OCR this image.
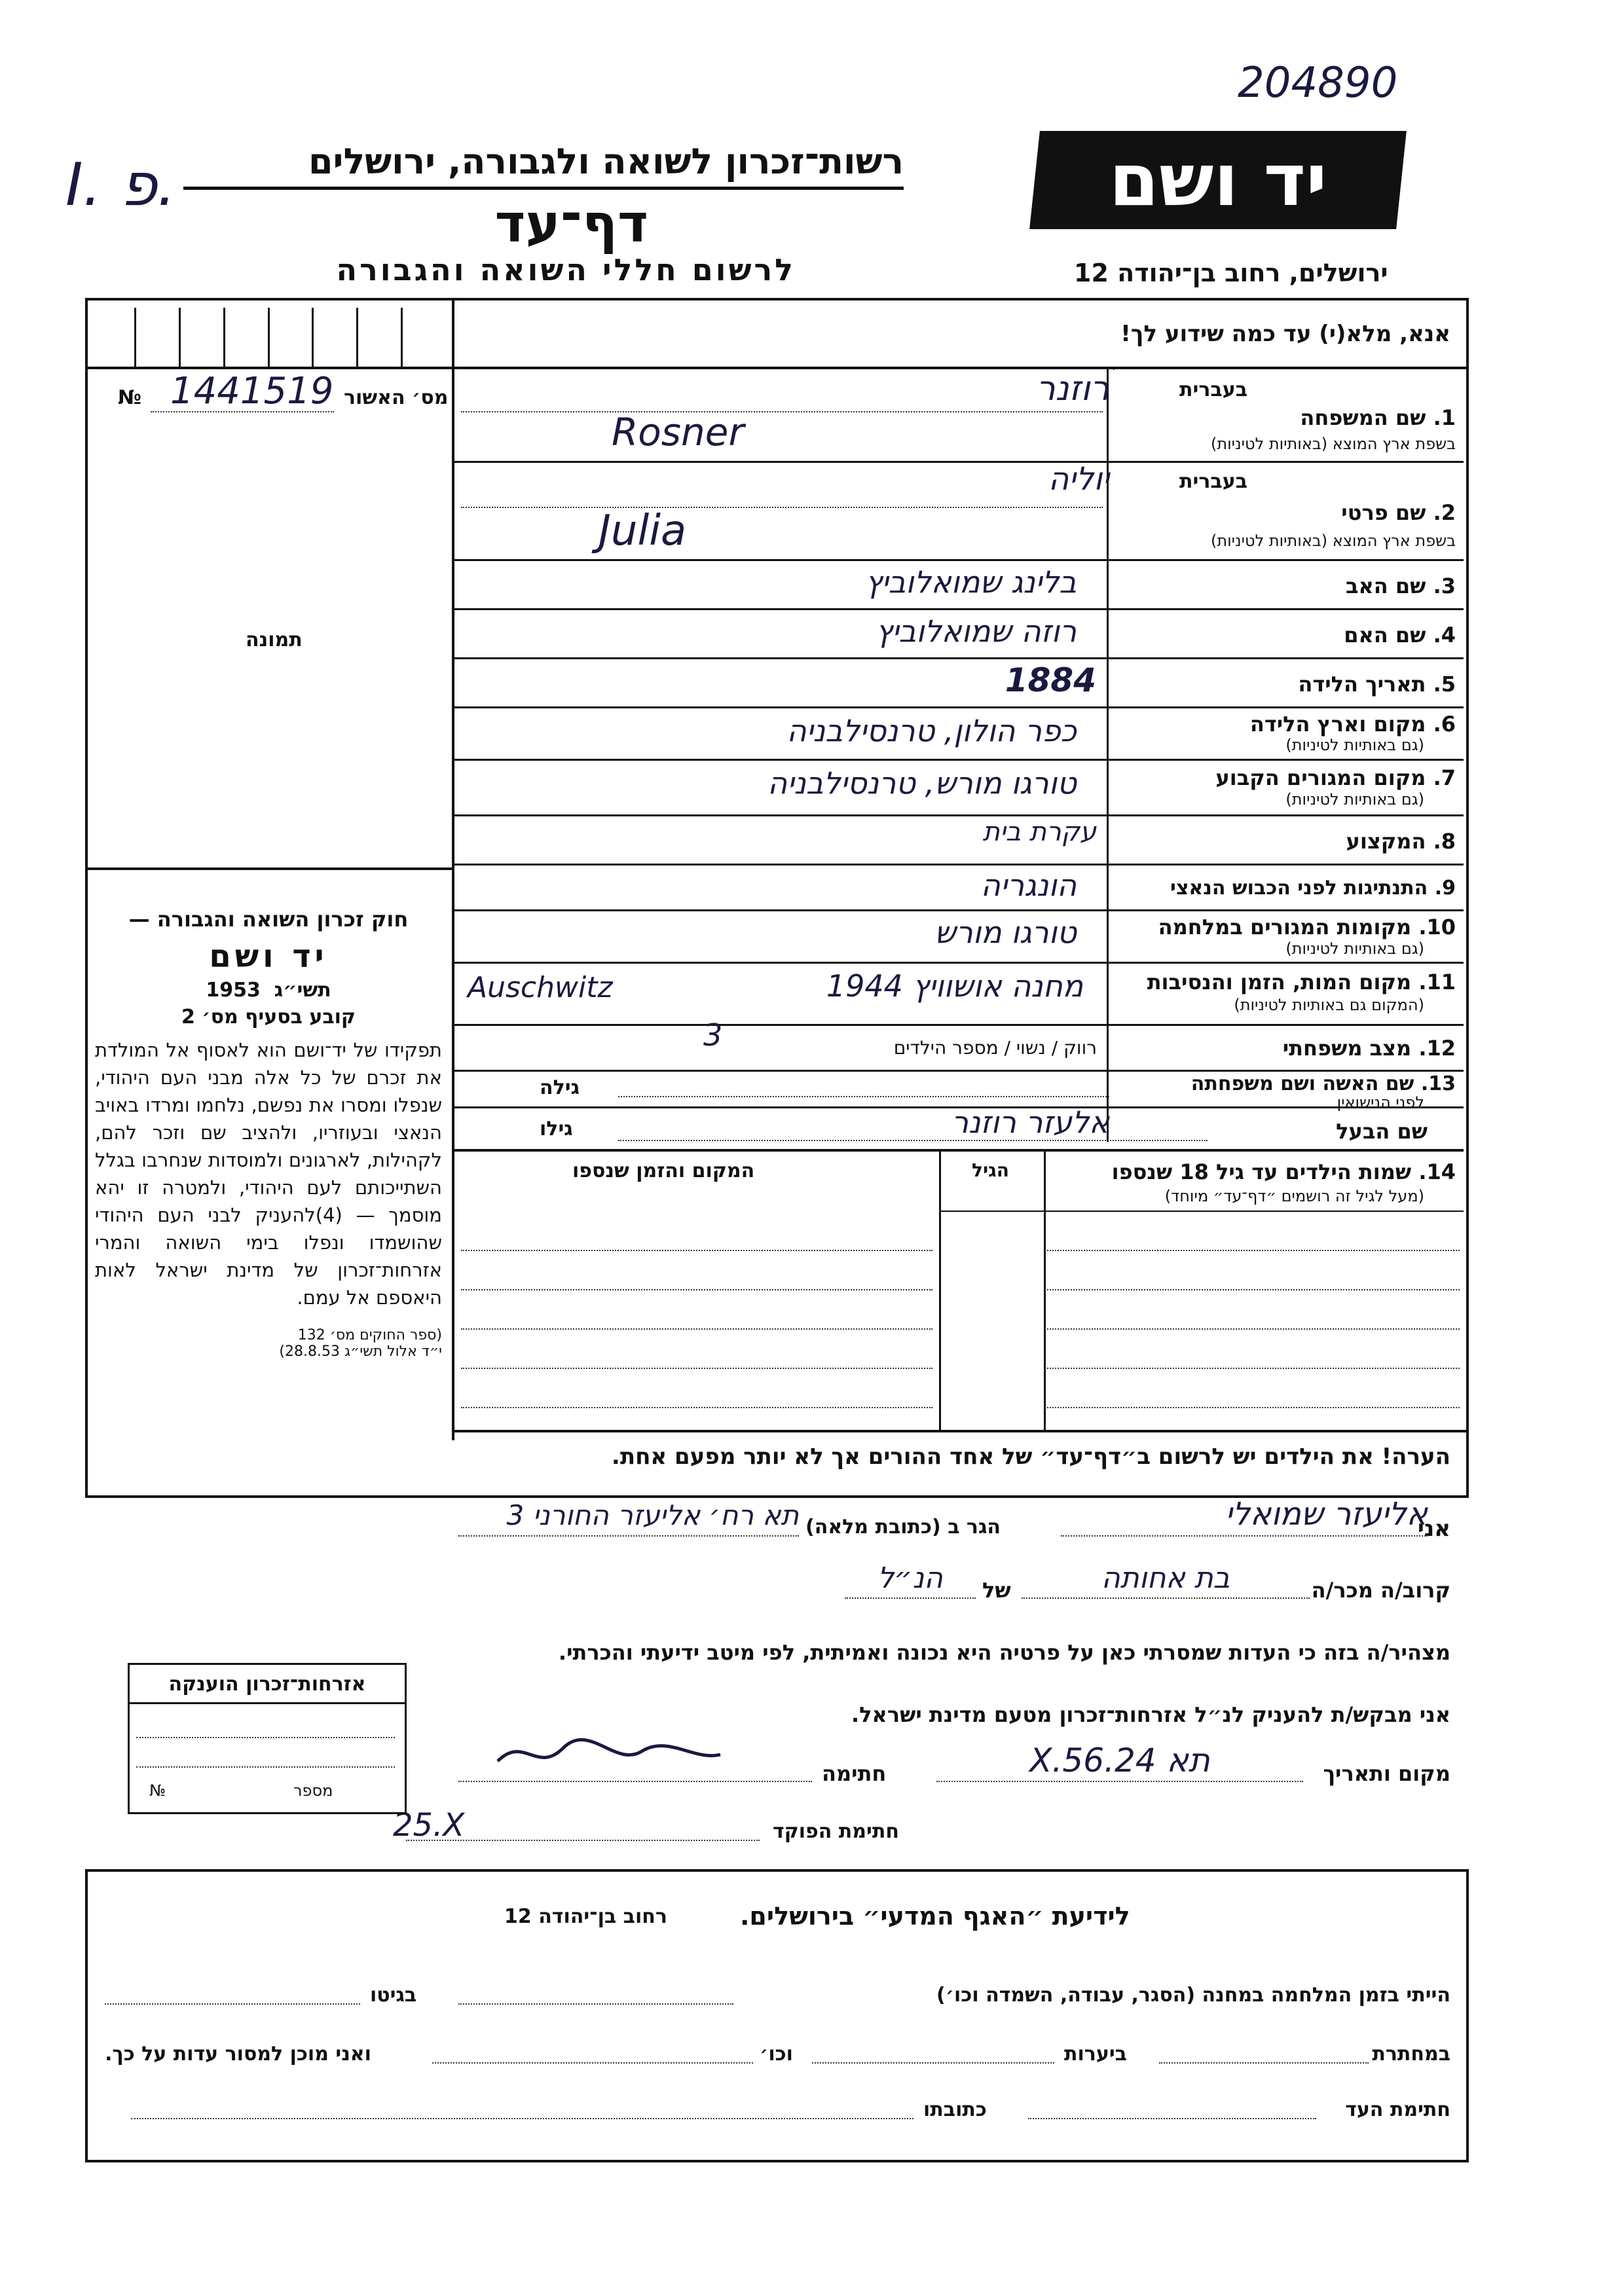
204890
I. פ.	רשות־זכרון לשואה ולגבורה, ירושלים
דף־עד
לרשום חללי השואה והגבורה
יד ושם
ירושלים, רחוב בן־יהודה 12
אנא, מלא(י) עד כמה שידוע לך!
מס׳ האשור
№ 1441519
תמונה
חוק זכרון השואה והגבורה —
יד ושם
תשי״ג  1953
קובע בסעיף מס׳ 2
תפקידו של יד־ושם הוא לאסוף אל המולדת את זכרם של כל אלה מבני העם היהודי, שנפלו ומסרו את נפשם, נלחמו ומרדו באויב הנאצי ובעוזריו, ולהציב שם וזכר להם, לקהילות, לארגונים ולמוסדות שנחרבו בגלל השתייכותם לעם היהודי, ולמטרה זו יהא מוסמך — (4)להעניק לבני העם היהודי שהושמדו ונפלו בימי השואה והמרי אזרחות־זכרון של מדינת ישראל לאות היאספם אל עמם.
(ספר החוקים מס׳ 132
י״ד אלול תשי״ג 28.8.53)
בעברית
1. שם המשפחה
בשפת ארץ המוצא (באותיות לטיניות)
רוזנר
Rosner
בעברית
2. שם פרטי
בשפת ארץ המוצא (באותיות לטיניות)
יוליה
Julia
3. שם האב
בלינג שמואלוביץ
4. שם האם
רוזה שמואלוביץ
5. תאריך הלידה
1884
6. מקום וארץ הלידה
(גם באותיות לטיניות)
כפר הולון, טרנסילבניה
7. מקום המגורים הקבוע
(גם באותיות לטיניות)
טורגו מורש, טרנסילבניה
8. המקצוע
עקרת בית
9. התנתיגות לפני הכבוש הנאצי
הונגריה
10. מקומות המגורים במלחמה
(גם באותיות לטיניות)
טורגו מורש
11. מקום המות, הזמן והנסיבות
(המקום גם באותיות לטיניות)
מחנה אושוויץ 1944
Auschwitz
12. מצב משפחתי
רווק / נשוי / מספר הילדים
3
13. שם האשה ושם משפחתה
לפני הנישואין
גילה
שם הבעל
גילו	אלעזר רוזנר
14. שמות הילדים עד גיל 18 שנספו
(מעל לגיל זה רושמים ״דף־עד״ מיוחד)
הגיל
המקום והזמן שנספו
הערה! את הילדים יש לרשום ב״דף־עד״ של אחד ההורים אך לא יותר מפעם אחת.
אני
אליעזר שמואלי
הגר ב (כתובת מלאה)
תא רח׳ אליעזר החורני 3
קרוב/ה מכר/ה
בת אחותה
של
הנ״ל
מצהיר/ה בזה כי העדות שמסרתי כאן על פרטיה היא נכונה ואמיתית, לפי מיטב ידיעתי והכרתי.
אני מבקש/ת להעניק לנ״ל אזרחות־זכרון מטעם מדינת ישראל.
מקום ותאריך
תא 24.X.56
חתימה
חתימת הפוקד
25.X
אזרחות־זכרון הוענקה
מספר
№
לידיעת ״האגף המדעי״ בירושלים.
רחוב בן־יהודה 12
הייתי בזמן המלחמה במחנה (הסגר, עבודה, השמדה וכו׳)
בגיטו
במחתרת
ביערות
וכו׳
ואני מוכן למסור עדות על כך.
חתימת העד
כתובתו
